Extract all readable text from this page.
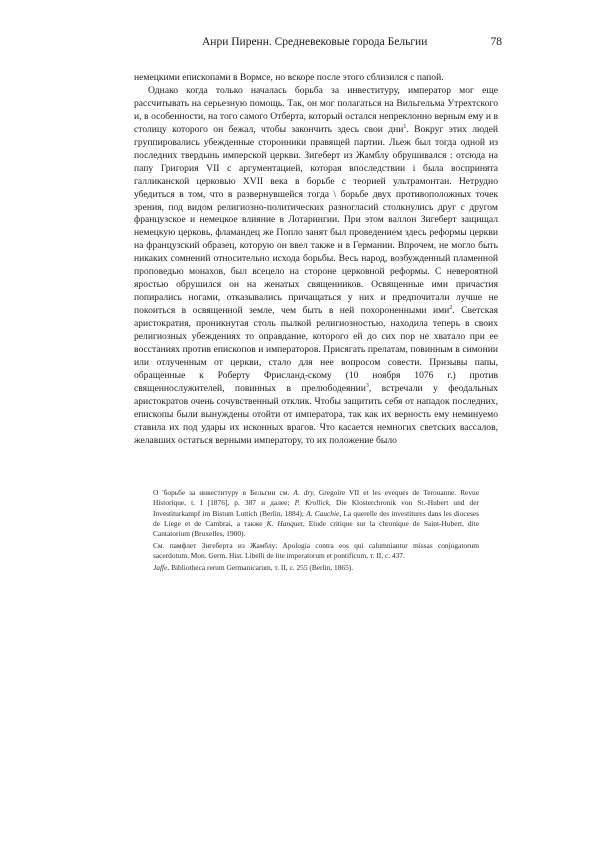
Анри Пиренн. Средневековые города Бельгии	78

немецкими епископами в Вормсе, но вскоре после этого сблизился с папой.

Однако когда только началась борьба за инвеституру, император мог еще рассчитывать на серьезную помощь. Так, он мог полагаться на Вильгельма Утрехтского и, в особенности, на того самого Отберта, который остался непреклонно верным ему и в столицу которого он бежал, чтобы закончить здесь свои дни$^1$. Вокруг этих людей группировались убежденные сторонники правящей партии. Льеж был тогда одной из последних твердынь имперской церкви. Зигеберт из Жамблу обрушивался : отсюда на папу Григория VII с аргументацией, которая впоследствии i была воспринята галликанской церковью XVII века в борьбе с теорией ультрамонтан. Нетрудно убедиться в том, что в развернувшейся тогда \ борьбе двух противоположных точек зрения, под видом религиозно-политических разногласий столкнулись друг с другом французское и немецкое влияние в Лотарингии. При этом валлон Зигеберт защищал немецкую церковь, фламандец же Попло занят был проведением здесь реформы церкви на французский образец, которую он ввел также и в Германии. Впрочем, не могло быть никаких сомнений относительно исхода борьбы. Весь народ, возбужденный пламенной проповедью монахов, был всецело на стороне церковной реформы. С невероятной яростью обрушился он на женатых священников. Освященные ими причастия попирались ногами, отказывались причащаться у них и предпочитали лучше не покоиться в освященной земле, чем быть в ней похороненными ими$^2$. Светская аристократия, проникнутая столь пылкой религиозностью, находила теперь в своих религиозных убеждениях то оправдание, которого ей до сих пор не хватало при ее восстаниях против епископов и императоров. Присягать прелатам, повинным в симонии или отлученным от церкви, стало для нее вопросом совести. Призывы папы, обращенные к Роберту Фрисланд-скому (10 ноября 1076 г.) против священнослужителей, повинных в прелюбодеянии$^3$, встречали у феодальных аристократов очень сочувственный отклик. Чтобы защитить себя от нападок последних, епископы были вынуждены отойти от императора, так как их верность ему неминуемо ставила их под удары их исконных врагов. Что касается немногих светских вассалов, желавших остаться верными императору, то их положение было

О 'борьбе за инвеституру в Бельгии см. A. dry, Gregoire VII et les eveques de Terouanne. Revue Historique, t. I [1876], p. 387 и далее; P. Krollick, Die Klosterchronik von St.-Hubert und der Investiturkampf im Bistum Luttich (Berlin, 1884); A. Cauchie, La querelle des investitures dans les dioceses de Liege et de Cambrai, а также K. Hanquet, Etude critique sur la chronique de Saint-Hubert, dite Cantatorium (Bruxelles, 1900).

См. памфлет Зигеберта из Жамблу: Apologia contra eos qui calumniantur missas conjugatorum sacerdotum. Mon. Germ. Hist. Libelli de lite imperatorum et pontificum, т. II, с. 437.

Jaffe, Bibliotheca rerum Germanicarum, т. II, с. 255 (Berlin, 1865).
